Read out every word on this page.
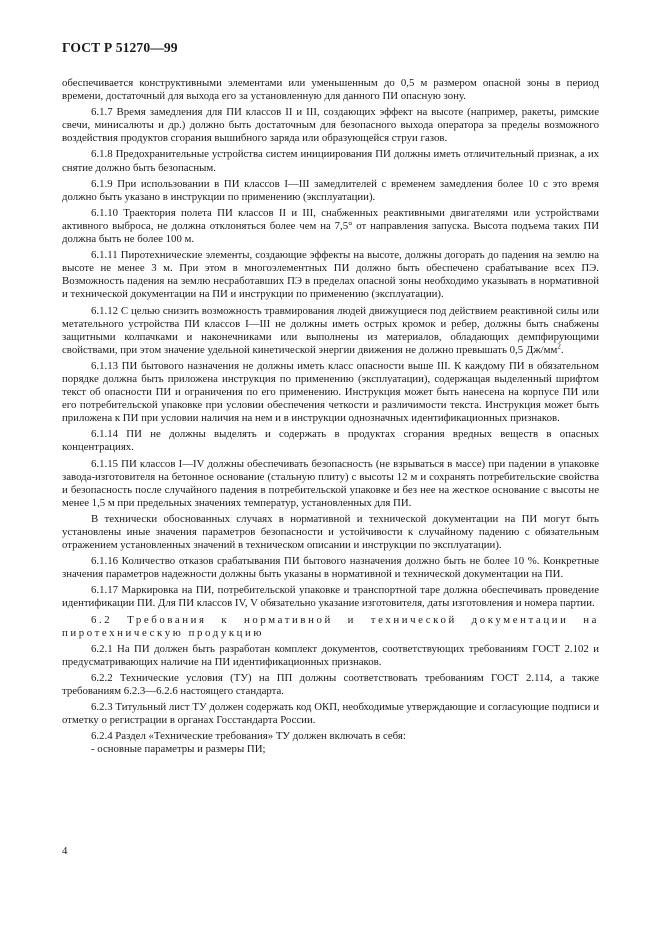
ГОСТ Р 51270—99

обеспечивается конструктивными элементами или уменьшенным до 0,5 м размером опасной зоны в период времени, достаточный для выхода его за установленную для данного ПИ опасную зону.

6.1.7 Время замедления для ПИ классов II и III, создающих эффект на высоте (например, ракеты, римские свечи, минисалюты и др.) должно быть достаточным для безопасного выхода оператора за пределы возможного воздействия продуктов сгорания вышибного заряда или образующейся струи газов.

6.1.8 Предохранительные устройства систем инициирования ПИ должны иметь отличительный признак, а их снятие должно быть безопасным.

6.1.9 При использовании в ПИ классов I—III замедлителей с временем замедления более 10 с это время должно быть указано в инструкции по применению (эксплуатации).

6.1.10 Траектория полета ПИ классов II и III, снабженных реактивными двигателями или устройствами активного выброса, не должна отклоняться более чем на 7,5° от направления запуска. Высота подъема таких ПИ должна быть не более 100 м.

6.1.11 Пиротехнические элементы, создающие эффекты на высоте, должны догорать до падения на землю на высоте не менее 3 м. При этом в многоэлементных ПИ должно быть обеспечено срабатывание всех ПЭ. Возможность падения на землю несработавших ПЭ в пределах опасной зоны необходимо указывать в нормативной и технической документации на ПИ и инструкции по применению (эксплуатации).

6.1.12 С целью снизить возможность травмирования людей движущиеся под действием реактивной силы или метательного устройства ПИ классов I—III не должны иметь острых кромок и ребер, должны быть снабжены защитными колпачками и наконечниками или выполнены из материалов, обладающих демпфирующими свойствами, при этом значение удельной кинетической энергии движения не должно превышать 0,5 $Дж/мм^2$.

6.1.13 ПИ бытового назначения не должны иметь класс опасности выше III. К каждому ПИ в обязательном порядке должна быть приложена инструкция по применению (эксплуатации), содержащая выделенный шрифтом текст об опасности ПИ и ограничения по его применению. Инструкция может быть нанесена на корпусе ПИ или его потребительской упаковке при условии обеспечения четкости и различимости текста. Инструкция может быть приложена к ПИ при условии наличия на нем и в инструкции однозначных идентификационных признаков.

6.1.14 ПИ не должны выделять и содержать в продуктах сгорания вредных веществ в опасных концентрациях.

6.1.15 ПИ классов I—IV должны обеспечивать безопасность (не взрываться в массе) при падении в упаковке завода-изготовителя на бетонное основание (стальную плиту) с высоты 12 м и сохранять потребительские свойства и безопасность после случайного падения в потребительской упаковке и без нее на жесткое основание с высоты не менее 1,5 м при предельных значениях температур, установленных для ПИ.

В технически обоснованных случаях в нормативной и технической документации на ПИ могут быть установлены иные значения параметров безопасности и устойчивости к случайному падению с обязательным отражением установленных значений в техническом описании и инструкции по эксплуатации).

6.1.16 Количество отказов срабатывания ПИ бытового назначения должно быть не более 10 %. Конкретные значения параметров надежности должны быть указаны в нормативной и технической документации на ПИ.

6.1.17 Маркировка на ПИ, потребительской упаковке и транспортной таре должна обеспечивать проведение идентификации ПИ. Для ПИ классов IV, V обязательно указание изготовителя, даты изготовления и номера партии.

6.2 Требования к нормативной и технической документации на пиротехническую продукцию

6.2.1 На ПИ должен быть разработан комплект документов, соответствующих требованиям ГОСТ 2.102 и предусматривающих наличие на ПИ идентификационных признаков.

6.2.2 Технические условия (ТУ) на ПП должны соответствовать требованиям ГОСТ 2.114, а также требованиям 6.2.3—6.2.6 настоящего стандарта.

6.2.3 Титульный лист ТУ должен содержать код ОКП, необходимые утверждающие и согласующие подписи и отметку о регистрации в органах Госстандарта России.

6.2.4 Раздел «Технические требования» ТУ должен включать в себя:

- основные параметры и размеры ПИ;

4
